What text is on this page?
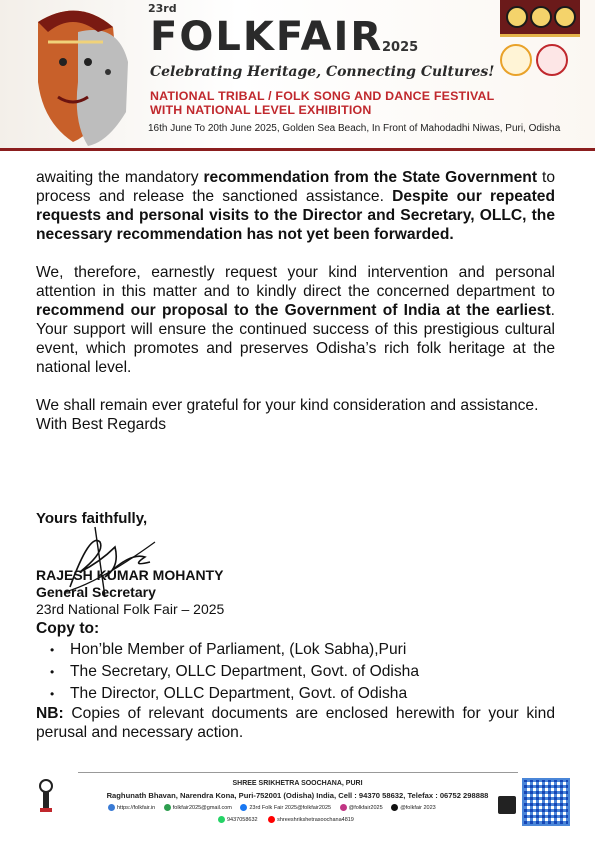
23rd
FOLKFAIR
2025
Celebrating Heritage, Connecting Cultures!
NATIONAL TRIBAL / FOLK SONG AND DANCE FESTIVAL
WITH NATIONAL LEVEL EXHIBITION
16th June To 20th June 2025, Golden Sea Beach, In Front of Mahodadhi Niwas, Puri, Odisha

awaiting the mandatory recommendation from the State Government to process and release the sanctioned assistance. Despite our repeated requests and personal visits to the Director and Secretary, OLLC, the necessary recommendation has not yet been forwarded.

We, therefore, earnestly request your kind intervention and personal attention in this matter and to kindly direct the concerned department to recommend our proposal to the Government of India at the earliest. Your support will ensure the continued success of this prestigious cultural event, which promotes and preserves Odisha’s rich folk heritage at the national level.

We shall remain ever grateful for your kind consideration and assistance.

With Best Regards

Yours faithfully,
RAJESH KUMAR MOHANTY
General Secretary
23rd National Folk Fair – 2025
Copy to:
• Hon’ble Member of Parliament, (Lok Sabha),Puri
• The Secretary, OLLC Department, Govt. of Odisha
• The Director, OLLC Department, Govt. of Odisha
NB: Copies of relevant documents are enclosed herewith for your kind perusal and necessary action.
SHREE SRIKHETRA SOOCHANA, PURI
Raghunath Bhavan, Narendra Kona, Puri-752001 (Odisha) India, Cell : 94370 58632, Telefax : 06752 298888
https://folkfair.in	folkfair2025@gmail.com	23rd Folk Fair 2025@folkfair2025	@folkfair2025	@folkfair 2023
9437058632	shreeshrikshetrasoochana4819
